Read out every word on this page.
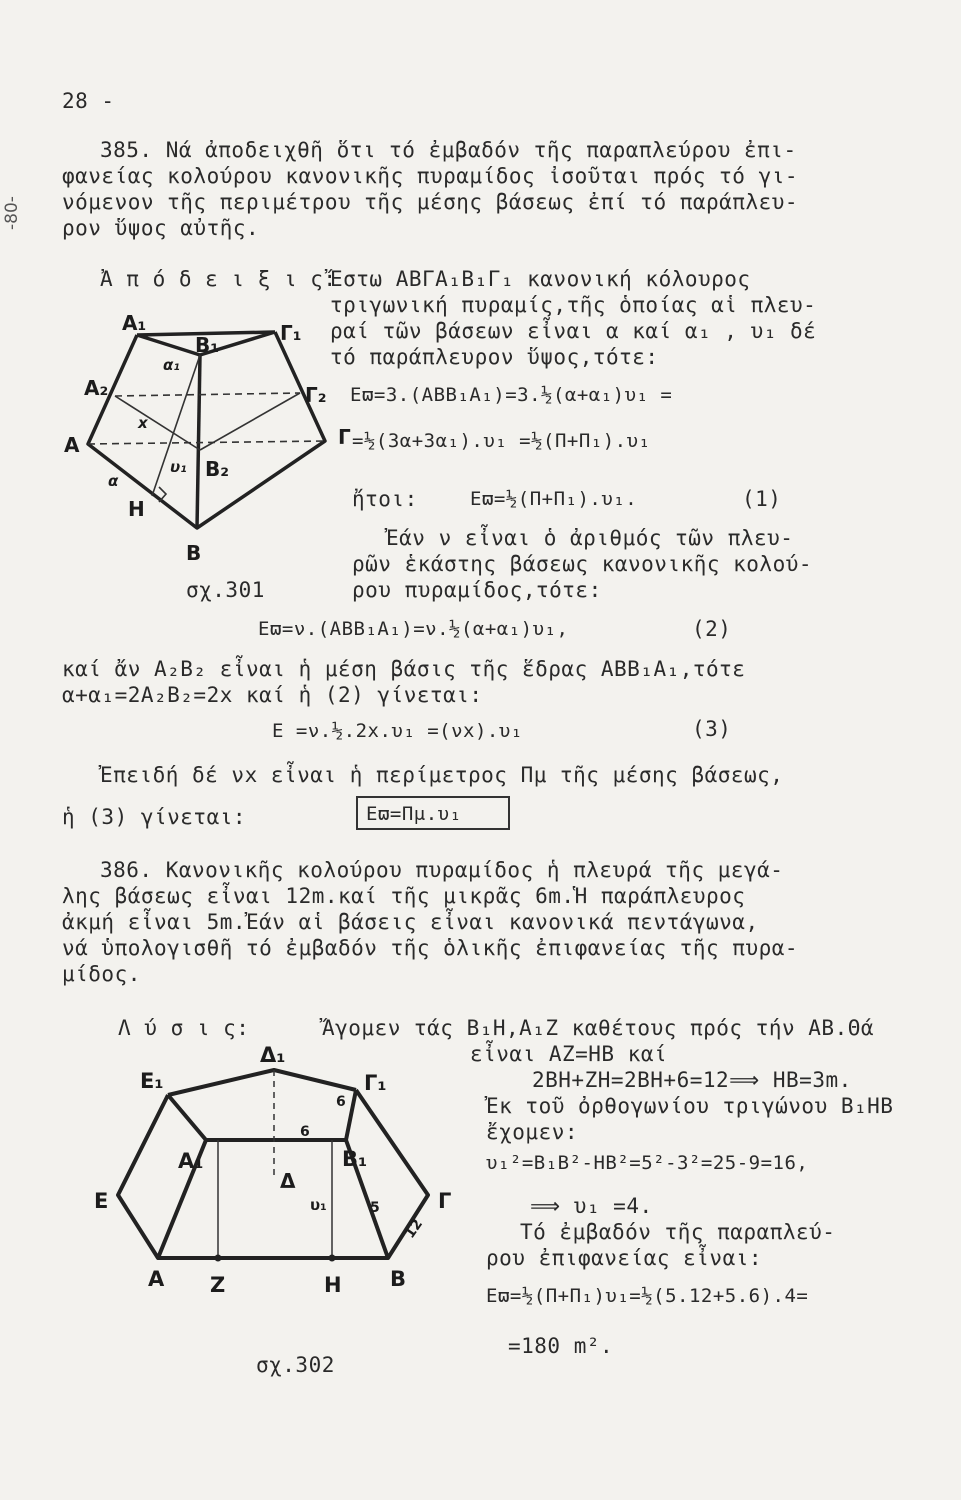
-80-
28 -
385. Νά ἀποδειχθῆ ὅτι τό ἐμβαδόν τῆς παραπλεύρου ἐπι-
φανείας κολούρου κανονικῆς πυραμίδος ἰσοῦται πρός τό γι-
νόμενον τῆς περιμέτρου τῆς μέσης βάσεως ἐπί τό παράπλευ-
ρον ὕψος αὐτῆς.
Ἀ π ό δ ε ι ξ ι ς:
Ἔστω ΑΒΓΑ₁Β₁Γ₁ κανονική κόλουρος
τριγωνική πυραμίς,τῆς ὁποίας αἱ πλευ-
ραί τῶν βάσεων εἶναι α καί α₁ , υ₁ δέ
τό παράπλευρον ὕψος,τότε:
Eϖ=3.(ΑΒΒ₁Α₁)=3.½(α+α₁)υ₁ =
=½(3α+3α₁).υ₁ =½(Π+Π₁).υ₁
ἤτοι:	Eϖ=½(Π+Π₁).υ₁.	(1)
Ἐάν ν εἶναι ὁ ἀριθμός τῶν πλευ-
ρῶν ἑκάστης βάσεως κανονικῆς κολού-
ρου πυραμίδος,τότε:
σχ.301
Eϖ=ν.(ΑΒΒ₁Α₁)=ν.½(α+α₁)υ₁,	(2)
καί ἄν Α₂Β₂ εἶναι ἡ μέση βάσις τῆς ἕδρας ΑΒΒ₁Α₁,τότε
α+α₁=2Α₂Β₂=2x καί ἡ (2) γίνεται:
E =ν.½.2x.υ₁ =(νx).υ₁	(3)
Ἐπειδή δέ νx εἶναι ἡ περίμετρος Πμ τῆς μέσης βάσεως,
ἡ (3) γίνεται:	Eϖ=Πμ.υ₁
386. Κανονικῆς κολούρου πυραμίδος ἡ πλευρά τῆς μεγά-
λης βάσεως εἶναι 12m.καί τῆς μικρᾶς 6m.Ἡ παράπλευρος
ἀκμή εἶναι 5m.Ἐάν αἱ βάσεις εἶναι κανονικά πεντάγωνα,
νά ὑπολογισθῆ τό ἐμβαδόν τῆς ὁλικῆς ἐπιφανείας τῆς πυρα-
μίδος.
Λ ύ σ ι ς:	Ἄγομεν τάς Β₁Η,Α₁Ζ καθέτους πρός τήν ΑΒ.Θά
εἶναι ΑΖ=ΗΒ καί
2ΒΗ+ΖΗ=2ΒΗ+6=12⟹ ΗΒ=3m.
Ἐκ τοῦ ὀρθογωνίου τριγώνου Β₁ΗΒ
ἔχομεν:
υ₁²=Β₁Β²-ΗΒ²=5²-3²=25-9=16,
⟹ υ₁ =4.
Τό ἐμβαδόν τῆς παραπλεύ-
ρου ἐπιφανείας εἶναι:
Eϖ=½(Π+Π₁)υ₁=½(5.12+5.6).4=
=180 m².
σχ.302
A₁
B₁	Γ₁
A₂	Γ₂
A	Γ
B₂
H
B
α₁
x
υ₁
α
Δ₁
E₁	Γ₁
A₁	B₁
6
6
Δ
E	Γ
υ₁	5
12
A Z	H B
